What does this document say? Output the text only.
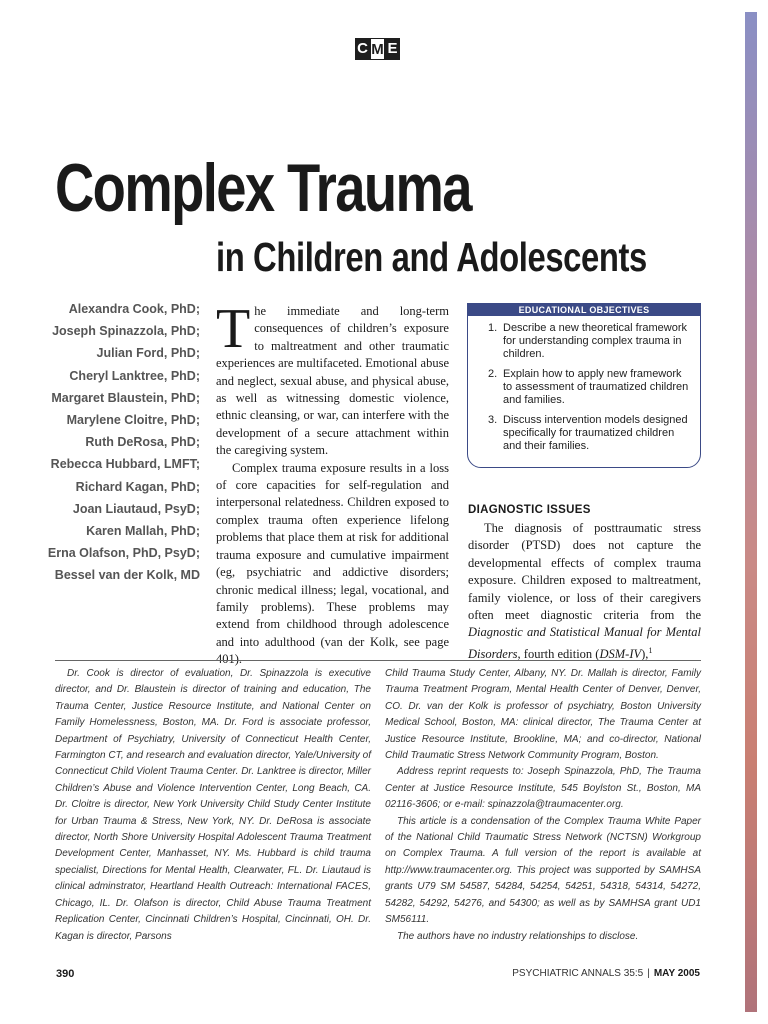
C M E
Complex Trauma
in Children and Adolescents
Alexandra Cook, PhD;
Joseph Spinazzola, PhD;
Julian Ford, PhD;
Cheryl Lanktree, PhD;
Margaret Blaustein, PhD;
Marylene Cloitre, PhD;
Ruth DeRosa, PhD;
Rebecca Hubbard, LMFT;
Richard Kagan, PhD;
Joan Liautaud, PsyD;
Karen Mallah, PhD;
Erna Olafson, PhD, PsyD;
Bessel van der Kolk, MD

The immediate and long-term consequences of children’s exposure to maltreatment and other traumatic experiences are multifaceted. Emotional abuse and neglect, sexual abuse, and physical abuse, as well as witnessing domestic violence, ethnic cleansing, or war, can interfere with the development of a secure attachment within the caregiving system.

Complex trauma exposure results in a loss of core capacities for self-regulation and interpersonal relatedness. Children exposed to complex trauma often experience lifelong problems that place them at risk for additional trauma exposure and cumulative impairment (eg, psychiatric and addictive disorders; chronic medical illness; legal, vocational, and family problems). These problems may extend from childhood through adolescence and into adulthood (van der Kolk, see page 401).

EDUCATIONAL OBJECTIVES
1. Describe a new theoretical framework for understanding complex trauma in children.
2. Explain how to apply new framework to assessment of traumatized children and families.
3. Discuss intervention models designed specifically for traumatized children and their families.
DIAGNOSTIC ISSUES

The diagnosis of posttraumatic stress disorder (PTSD) does not capture the developmental effects of complex trauma exposure. Children exposed to maltreatment, family violence, or loss of their caregivers often meet diagnostic criteria from the Diagnostic and Statistical Manual for Mental Disorders, fourth edition (DSM-IV),$^1$

Dr. Cook is director of evaluation, Dr. Spinazzola is executive director, and Dr. Blaustein is director of training and education, The Trauma Center, Justice Resource Institute, and National Center on Family Homelessness, Boston, MA. Dr. Ford is associate professor, Department of Psychiatry, University of Connecticut Health Center, Farmington CT, and research and evaluation director, Yale/University of Connecticut Child Violent Trauma Center. Dr. Lanktree is director, Miller Children’s Abuse and Violence Intervention Center, Long Beach, CA. Dr. Cloitre is director, New York University Child Study Center Institute for Urban Trauma & Stress, New York, NY. Dr. DeRosa is associate director, North Shore University Hospital Adolescent Trauma Treatment Development Center, Manhasset, NY. Ms. Hubbard is child trauma specialist, Directions for Mental Health, Clearwater, FL. Dr. Liautaud is clinical adminstrator, Heartland Health Outreach: International FACES, Chicago, IL. Dr. Olafson is director, Child Abuse Trauma Treatment Replication Center, Cincinnati Children’s Hospital, Cincinnati, OH. Dr. Kagan is director, Parsons

Child Trauma Study Center, Albany, NY. Dr. Mallah is director, Family Trauma Treatment Program, Mental Health Center of Denver, Denver, CO. Dr. van der Kolk is professor of psychiatry, Boston University Medical School, Boston, MA: clinical director, The Trauma Center at Justice Resource Institute, Brookline, MA; and co-director, National Child Traumatic Stress Network Community Program, Boston.

Address reprint requests to: Joseph Spinazzola, PhD, The Trauma Center at Justice Resource Institute, 545 Boylston St., Boston, MA 02116-3606; or e-mail: spinazzola@traumacenter.org.

This article is a condensation of the Complex Trauma White Paper of the National Child Traumatic Stress Network (NCTSN) Workgroup on Complex Trauma. A full version of the report is available at http://www.traumacenter.org. This project was supported by SAMHSA grants U79 SM 54587, 54284, 54254, 54251, 54318, 54314, 54272, 54282, 54292, 54276, and 54300; as well as by SAMHSA grant UD1 SM56111.

The authors have no industry relationships to disclose.

390	PSYCHIATRIC ANNALS 35:5 | MAY 2005
